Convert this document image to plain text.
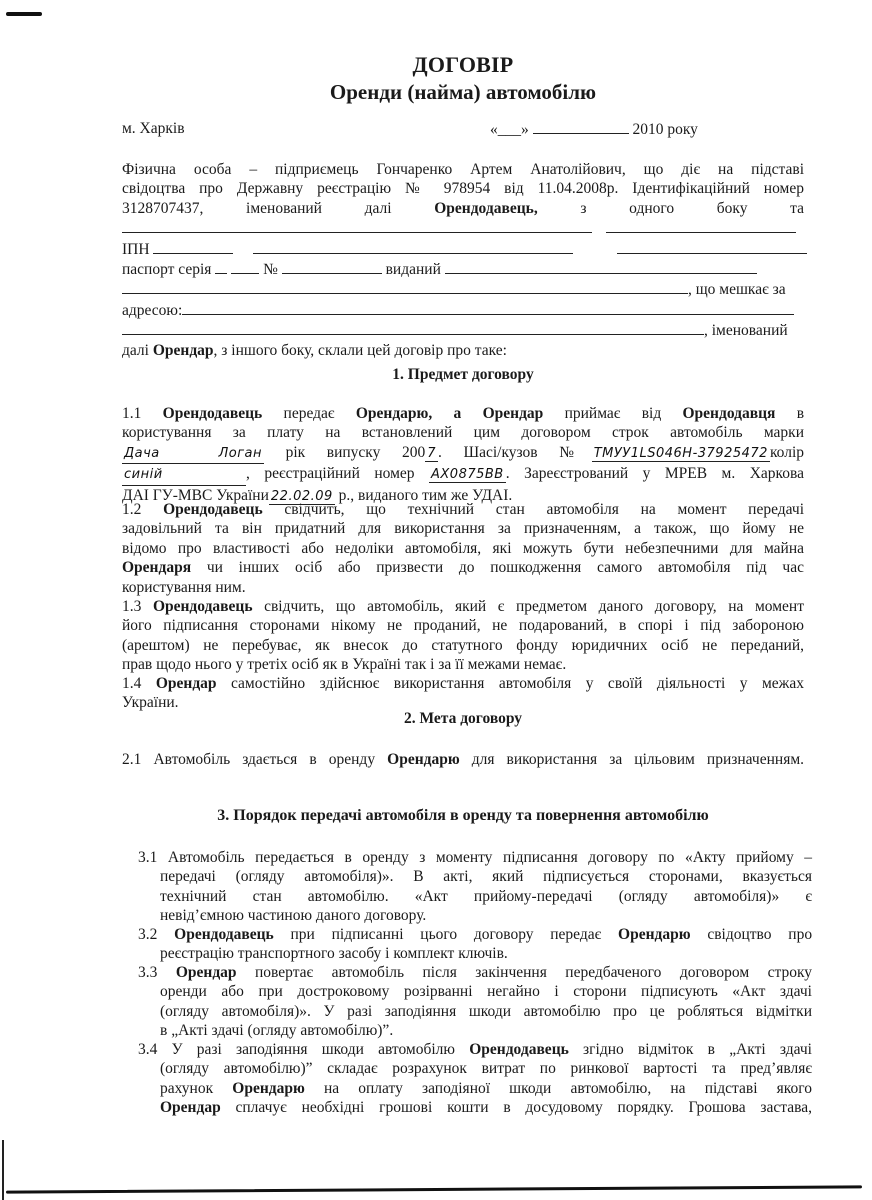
ДОГОВІР
Оренди (найма) автомобілю
м. Харків	«___»	2010 року
Фізична особа – підприємець Гончаренко Артем Анатолійович, що діє на підставі
свідоцтва про Державну реєстрацію № 978954 від 11.04.2008р. Ідентифікаційний номер
3128707437, іменований далі	Орендодавець,	з одного боку та

ІПН
паспорт серія	№	виданий
, що мешкає за
адресою:
, іменований
далі Орендар, з іншого боку, склали цей договір про таке:
1. Предмет договору
1.1 Орендодавець передає Орендарю, а Орендар приймає від Орендодавця в
користування за плату на встановлений цим договором строк автомобіль марки
Дача Логан рік випуску 200 7 . Шасі/кузов № ТМУУ1LS046Н-37925472 колір
синій	, реєстраційний номер АХ0875ВВ . Зареєстрований у МРЕВ м. Харкова
ДАІ ГУ-МВС України 22.02.09 р., виданого тим же УДАІ.
1.2 Орендодавець свідчить, що технічний стан автомобіля на момент передачі
задовільний та він придатний для використання за призначенням, а також, що йому не
відомо про властивості або недоліки автомобіля, які можуть бути небезпечними для майна
Орендаря чи інших осіб або призвести до пошкодження самого автомобіля під час
користування ним.
1.3 Орендодавець свідчить, що автомобіль, який є предметом даного договору, на момент
його підписання сторонами нікому не проданий, не подарований, в спорі і під забороною
(арештом) не перебуває, як внесок до статутного фонду юридичних осіб не переданий,
прав щодо нього у третіх осіб як в Україні так і за її межами немає.
1.4 Орендар самостійно здійснює використання автомобіля у своїй діяльності у межах
України.
2. Мета договору
2.1 Автомобіль здається в оренду Орендарю для використання за цільовим призначенням.
3. Порядок передачі автомобіля в оренду та повернення автомобілю
3.1 Автомобіль передається в оренду з моменту підписання договору по «Акту прийому –
передачі (огляду автомобіля)». В акті, який підписується сторонами, вказується
технічний стан автомобілю. «Акт прийому-передачі (огляду автомобіля)» є
невід’ємною частиною даного договору.
3.2 Орендодавець при підписанні цього договору передає Орендарю свідоцтво про
реєстрацію транспортного засобу і комплект ключів.
3.3 Орендар повертає автомобіль після закінчення передбаченого договором строку
оренди або при достроковому розірванні негайно і сторони підписують «Акт здачі
(огляду автомобіля)». У разі заподіяння шкоди автомобілю про це робляться відмітки
в „Акті здачі (огляду автомобілю)”.
3.4 У разі заподіяння шкоди автомобілю Орендодавець згідно відміток в „Акті здачі
(огляду автомобілю)” складає розрахунок витрат по ринкової вартості та пред’являє
рахунок Орендарю на оплату заподіяної шкоди автомобілю, на підставі якого
Орендар сплачує необхідні грошові кошти в досудовому порядку. Грошова застава,
